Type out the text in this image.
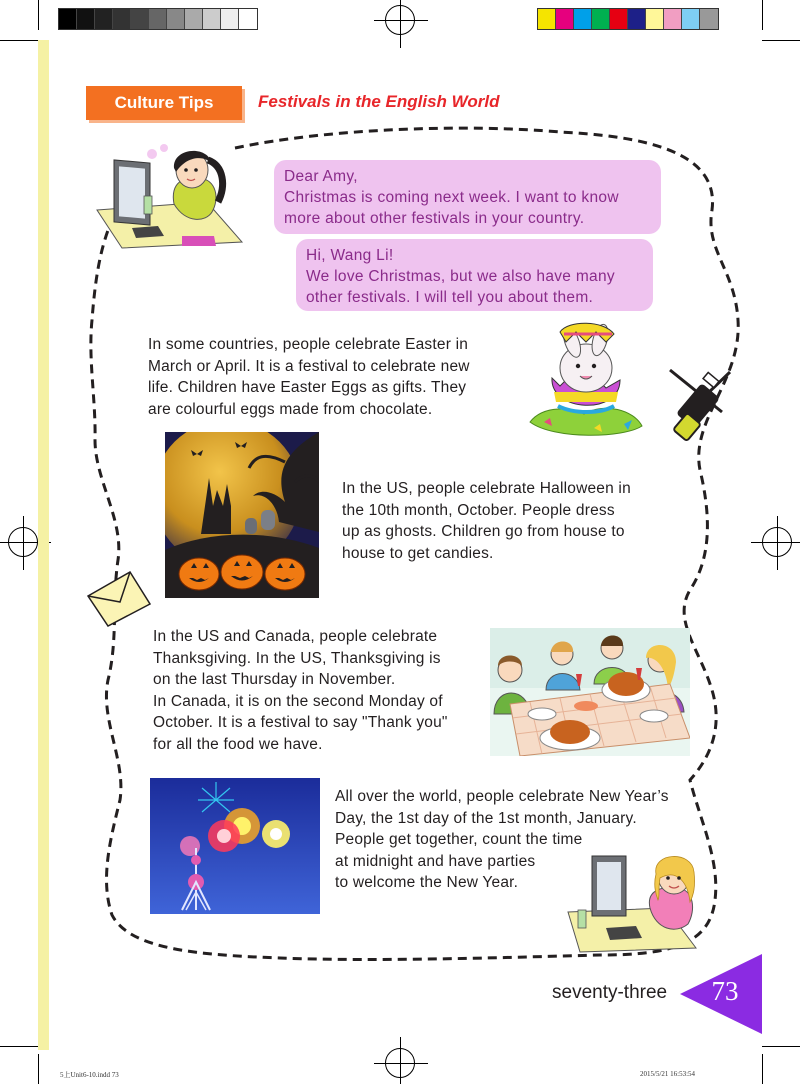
Culture Tips	Festivals in the English World
Dear Amy,
Christmas is coming next week. I want to know
more about other festivals in your country.
Hi, Wang Li!
We love Christmas, but we also have many
other festivals. I will tell you about them.
In some countries, people celebrate Easter in
March or April. It is a festival to celebrate new
life. Children have Easter Eggs as gifts. They
are colourful eggs made from chocolate.
In the US, people celebrate Halloween in
the 10th month, October. People dress
up as ghosts. Children go from house to
house to get candies.
In the US and Canada, people celebrate
Thanksgiving. In the US, Thanksgiving is
on the last Thursday in November.
In Canada, it is on the second Monday of
October. It is a festival to say "Thank you"
for all the food we have.
All over the world, people celebrate New Year’s
Day, the 1st day of the 1st month, January.
People get together, count the time
at midnight and have parties
to welcome the New Year.
seventy-three	73
5上Unit6-10.indd 73	2015/5/21 16:53:54
